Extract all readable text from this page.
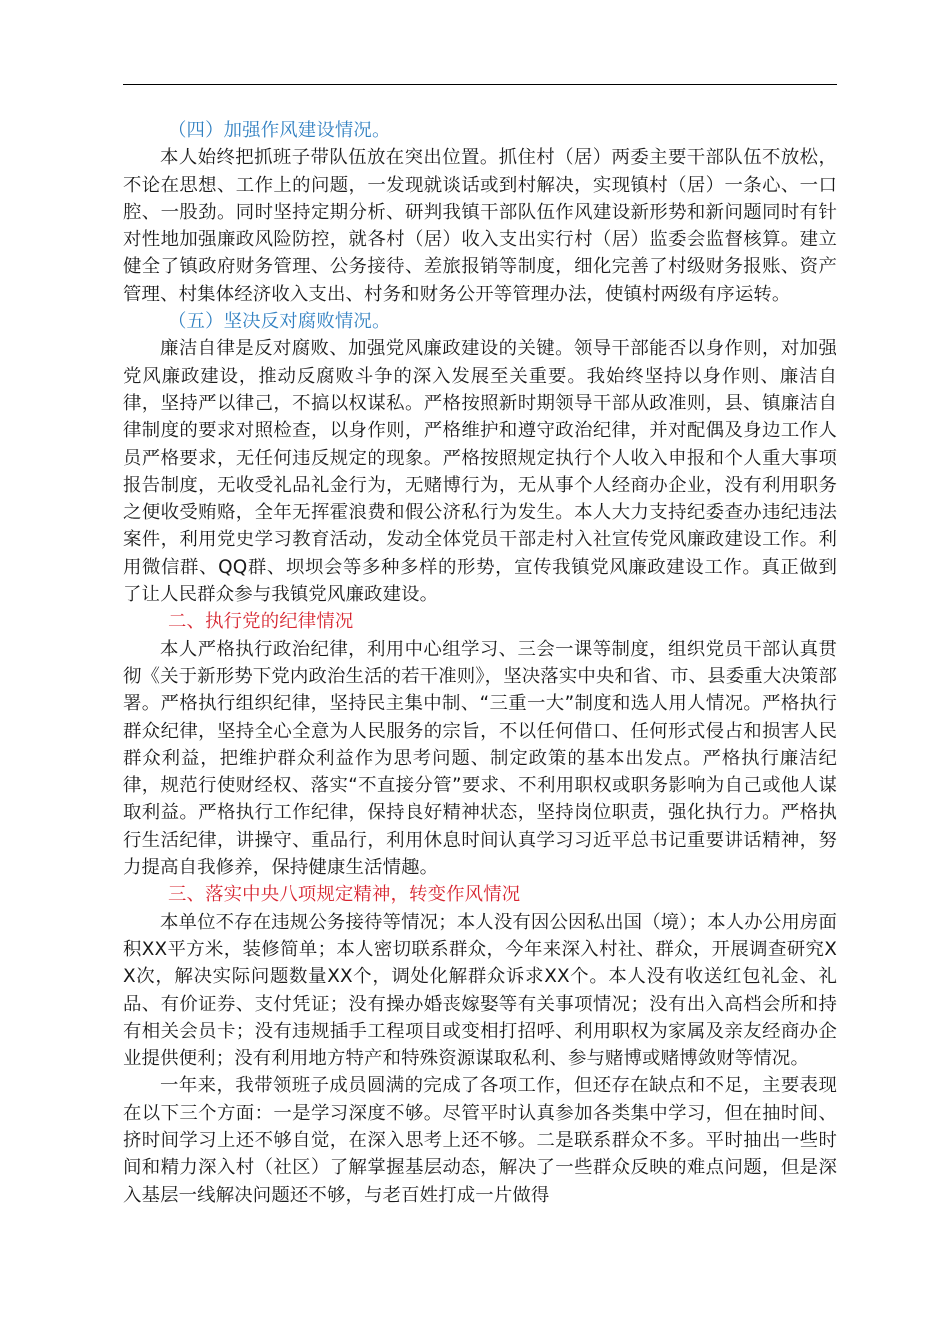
（四）加强作风建设情况。

本人始终把抓班子带队伍放在突出位置。抓住村（居）两委主要干部队伍不放松，不论在思想、工作上的问题，一发现就谈话或到村解决，实现镇村（居）一条心、一口腔、一股劲。同时坚持定期分析、研判我镇干部队伍作风建设新形势和新问题同时有针对性地加强廉政风险防控，就各村（居）收入支出实行村（居）监委会监督核算。建立健全了镇政府财务管理、公务接待、差旅报销等制度，细化完善了村级财务报账、资产管理、村集体经济收入支出、村务和财务公开等管理办法，使镇村两级有序运转。

（五）坚决反对腐败情况。

廉洁自律是反对腐败、加强党风廉政建设的关键。领导干部能否以身作则，对加强党风廉政建设，推动反腐败斗争的深入发展至关重要。我始终坚持以身作则、廉洁自律，坚持严以律己，不搞以权谋私。严格按照新时期领导干部从政准则，县、镇廉洁自律制度的要求对照检查，以身作则，严格维护和遵守政治纪律，并对配偶及身边工作人员严格要求，无任何违反规定的现象。严格按照规定执行个人收入申报和个人重大事项报告制度，无收受礼品礼金行为，无赌博行为，无从事个人经商办企业，没有利用职务之便收受贿赂，全年无挥霍浪费和假公济私行为发生。本人大力支持纪委查办违纪违法案件，利用党史学习教育活动，发动全体党员干部走村入社宣传党风廉政建设工作。利用微信群、QQ群、坝坝会等多种多样的形势，宣传我镇党风廉政建设工作。真正做到了让人民群众参与我镇党风廉政建设。

二、执行党的纪律情况

本人严格执行政治纪律，利用中心组学习、三会一课等制度，组织党员干部认真贯彻《关于新形势下党内政治生活的若干准则》，坚决落实中央和省、市、县委重大决策部署。严格执行组织纪律，坚持民主集中制、“三重一大”制度和选人用人情况。严格执行群众纪律，坚持全心全意为人民服务的宗旨，不以任何借口、任何形式侵占和损害人民群众利益，把维护群众利益作为思考问题、制定政策的基本出发点。严格执行廉洁纪律，规范行使财经权、落实“不直接分管”要求、不利用职权或职务影响为自己或他人谋取利益。严格执行工作纪律，保持良好精神状态，坚持岗位职责，强化执行力。严格执行生活纪律，讲操守、重品行，利用休息时间认真学习习近平总书记重要讲话精神，努力提高自我修养，保持健康生活情趣。

三、落实中央八项规定精神，转变作风情况

本单位不存在违规公务接待等情况；本人没有因公因私出国（境）；本人办公用房面积XX平方米，装修简单；本人密切联系群众，今年来深入村社、群众，开展调查研究XX次，解决实际问题数量XX个，调处化解群众诉求XX个。本人没有收送红包礼金、礼品、有价证券、支付凭证；没有操办婚丧嫁娶等有关事项情况；没有出入高档会所和持有相关会员卡；没有违规插手工程项目或变相打招呼、利用职权为家属及亲友经商办企业提供便利；没有利用地方特产和特殊资源谋取私利、参与赌博或赌博敛财等情况。

一年来，我带领班子成员圆满的完成了各项工作，但还存在缺点和不足，主要表现在以下三个方面：一是学习深度不够。尽管平时认真参加各类集中学习，但在抽时间、挤时间学习上还不够自觉，在深入思考上还不够。二是联系群众不多。平时抽出一些时间和精力深入村（社区）了解掌握基层动态，解决了一些群众反映的难点问题，但是深入基层一线解决问题还不够，与老百姓打成一片做得
